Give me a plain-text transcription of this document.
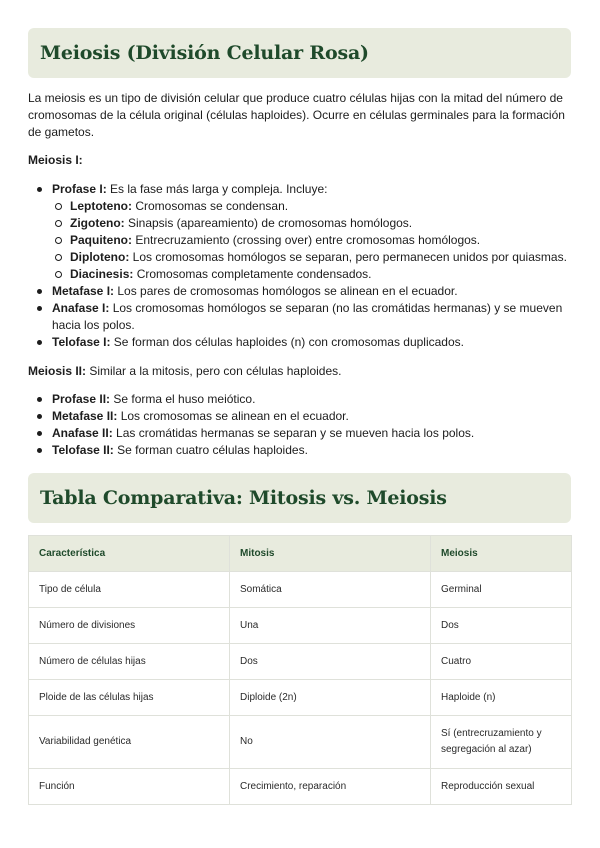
Meiosis (División Celular Rosa)

La meiosis es un tipo de división celular que produce cuatro células hijas con la mitad del número de cromosomas de la célula original (células haploides). Ocurre en células germinales para la formación de gametos.

Meiosis I:

Profase I: Es la fase más larga y compleja. Incluye:
Leptoteno: Cromosomas se condensan.
Zigoteno: Sinapsis (apareamiento) de cromosomas homólogos.
Paquiteno: Entrecruzamiento (crossing over) entre cromosomas homólogos.
Diploteno: Los cromosomas homólogos se separan, pero permanecen unidos por quiasmas.
Diacinesis: Cromosomas completamente condensados.
Metafase I: Los pares de cromosomas homólogos se alinean en el ecuador.
Anafase I: Los cromosomas homólogos se separan (no las cromátidas hermanas) y se mueven hacia los polos.
Telofase I: Se forman dos células haploides (n) con cromosomas duplicados.

Meiosis II: Similar a la mitosis, pero con células haploides.

Profase II: Se forma el huso meiótico.
Metafase II: Los cromosomas se alinean en el ecuador.
Anafase II: Las cromátidas hermanas se separan y se mueven hacia los polos.
Telofase II: Se forman cuatro células haploides.
Tabla Comparativa: Mitosis vs. Meiosis
Característica	Mitosis	Meiosis
Tipo de célula	Somática	Germinal
Número de divisiones	Una	Dos
Número de células hijas	Dos	Cuatro
Ploide de las células hijas	Diploide (2n)	Haploide (n)
Variabilidad genética	No	Sí (entrecruzamiento y segregación al azar)
Función	Crecimiento, reparación	Reproducción sexual
